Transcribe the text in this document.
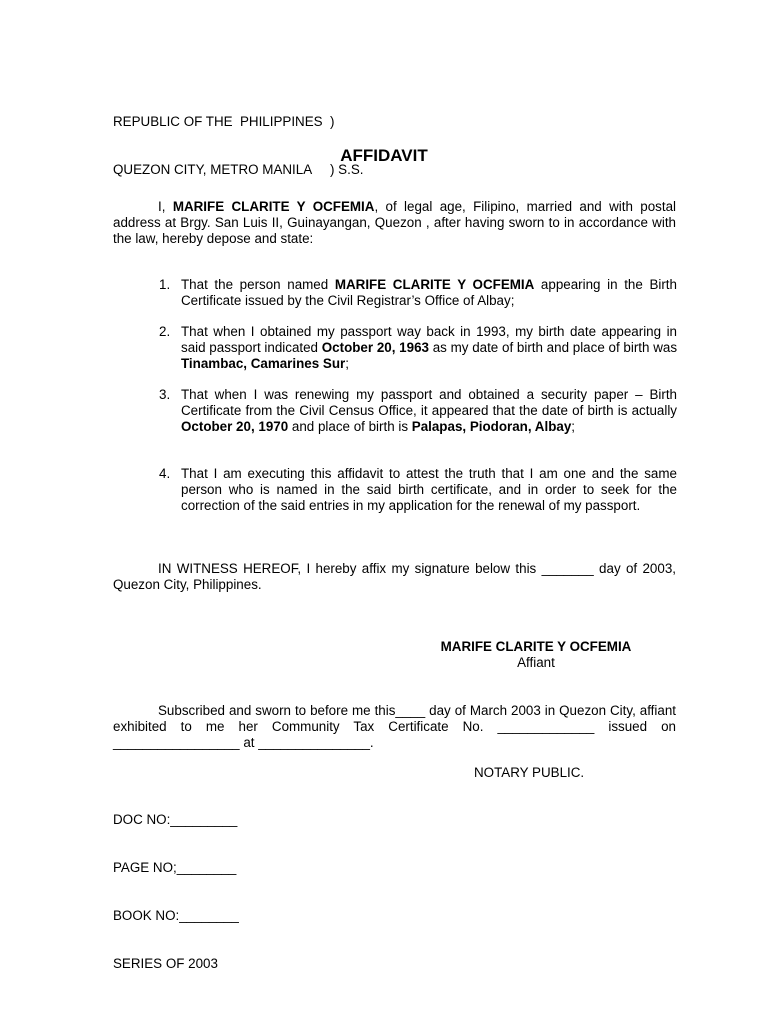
REPUBLIC OF THE  PHILIPPINES  )

QUEZON CITY, METRO MANILA     ) S.S.

AFFIDAVIT
I, MARIFE CLARITE Y OCFEMIA, of legal age, Filipino, married and with postal address at Brgy. San Luis II, Guinayangan, Quezon , after having sworn to in accordance with the law, hereby depose and state:
1. That the person named MARIFE CLARITE Y OCFEMIA appearing in the Birth Certificate issued by the Civil Registrar’s Office of Albay;
2. That when I obtained my passport way back in 1993, my birth date appearing in said passport indicated October 20, 1963 as my date of birth and place of birth was Tinambac, Camarines Sur;
3. That when I was renewing my passport and obtained a security paper – Birth Certificate from the Civil Census Office, it appeared that the date of birth is actually October 20, 1970 and place of birth is Palapas, Piodoran, Albay;
4. That I am executing this affidavit to attest the truth that I am one and the same person who is named in the said birth certificate, and in order to seek for the correction of the said entries in my application for the renewal of my passport.
IN WITNESS HEREOF, I hereby affix my signature below this _______ day of 2003, Quezon City, Philippines.
MARIFE CLARITE Y OCFEMIA
Affiant
Subscribed and sworn to before me this____ day of March 2003 in Quezon City, affiant exhibited to me her Community Tax Certificate No. _____________ issued on _________________ at _______________.
NOTARY PUBLIC.

DOC NO:_________

PAGE NO;________

BOOK NO:________

SERIES OF 2003
